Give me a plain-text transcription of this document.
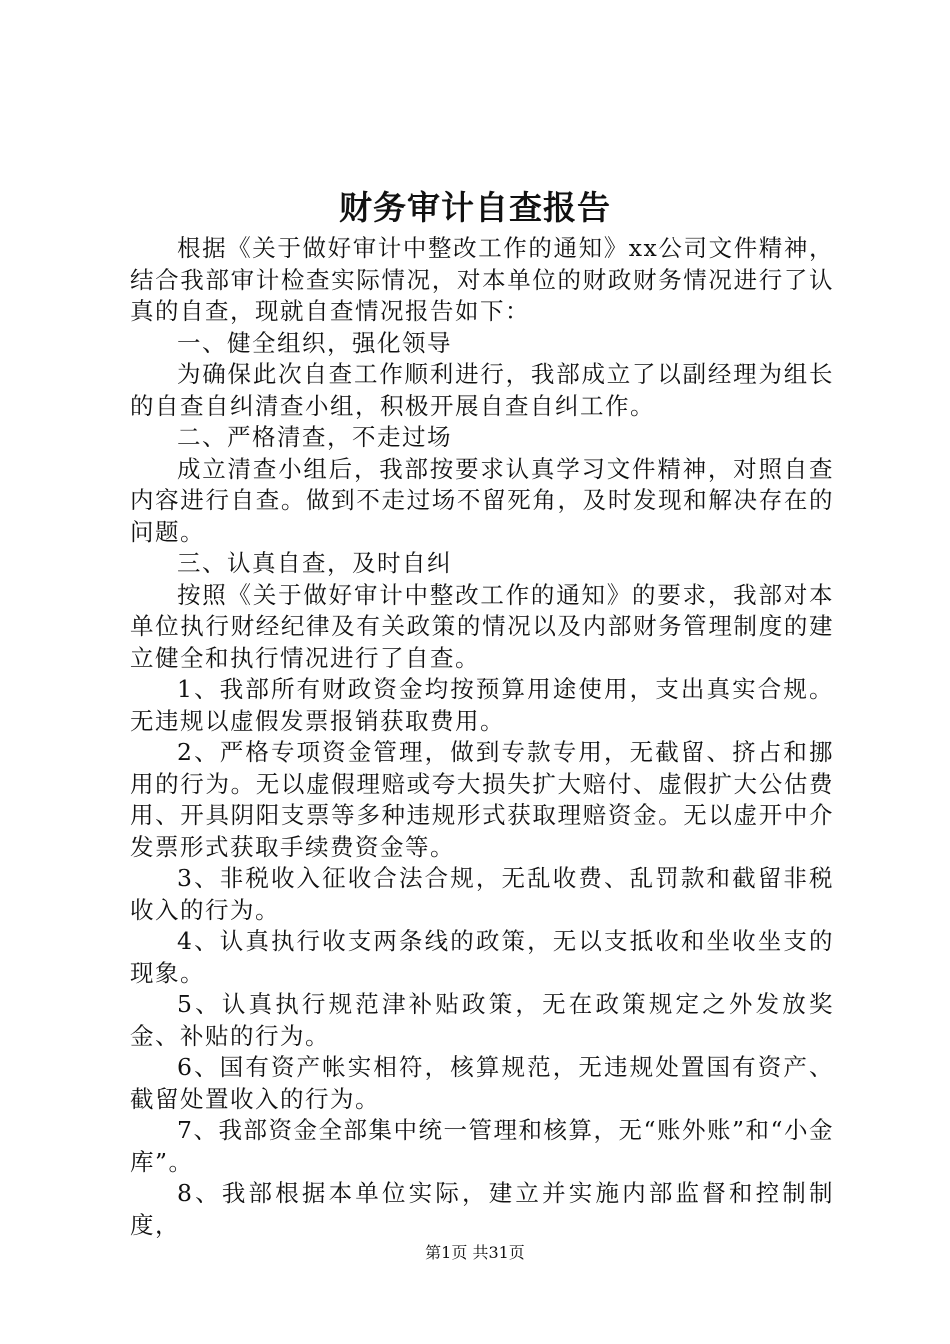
财务审计自查报告

根据《关于做好审计中整改工作的通知》xx公司文件精神，结合我部审计检查实际情况，对本单位的财政财务情况进行了认真的自查，现就自查情况报告如下：

一、健全组织，强化领导

为确保此次自查工作顺利进行，我部成立了以副经理为组长的自查自纠清查小组，积极开展自查自纠工作。

二、严格清查，不走过场

成立清查小组后，我部按要求认真学习文件精神，对照自查内容进行自查。做到不走过场不留死角，及时发现和解决存在的问题。

三、认真自查，及时自纠

按照《关于做好审计中整改工作的通知》的要求，我部对本单位执行财经纪律及有关政策的情况以及内部财务管理制度的建立健全和执行情况进行了自查。

1、我部所有财政资金均按预算用途使用，支出真实合规。无违规以虚假发票报销获取费用。

2、严格专项资金管理，做到专款专用，无截留、挤占和挪用的行为。无以虚假理赔或夸大损失扩大赔付、虚假扩大公估费用、开具阴阳支票等多种违规形式获取理赔资金。无以虚开中介发票形式获取手续费资金等。

3、非税收入征收合法合规，无乱收费、乱罚款和截留非税收入的行为。

4、认真执行收支两条线的政策，无以支抵收和坐收坐支的现象。

5、认真执行规范津补贴政策，无在政策规定之外发放奖金、补贴的行为。

6、国有资产帐实相符，核算规范，无违规处置国有资产、截留处置收入的行为。

7、我部资金全部集中统一管理和核算，无“账外账”和“小金库”。

8、我部根据本单位实际，建立并实施内部监督和控制制度，

第1页 共31页
